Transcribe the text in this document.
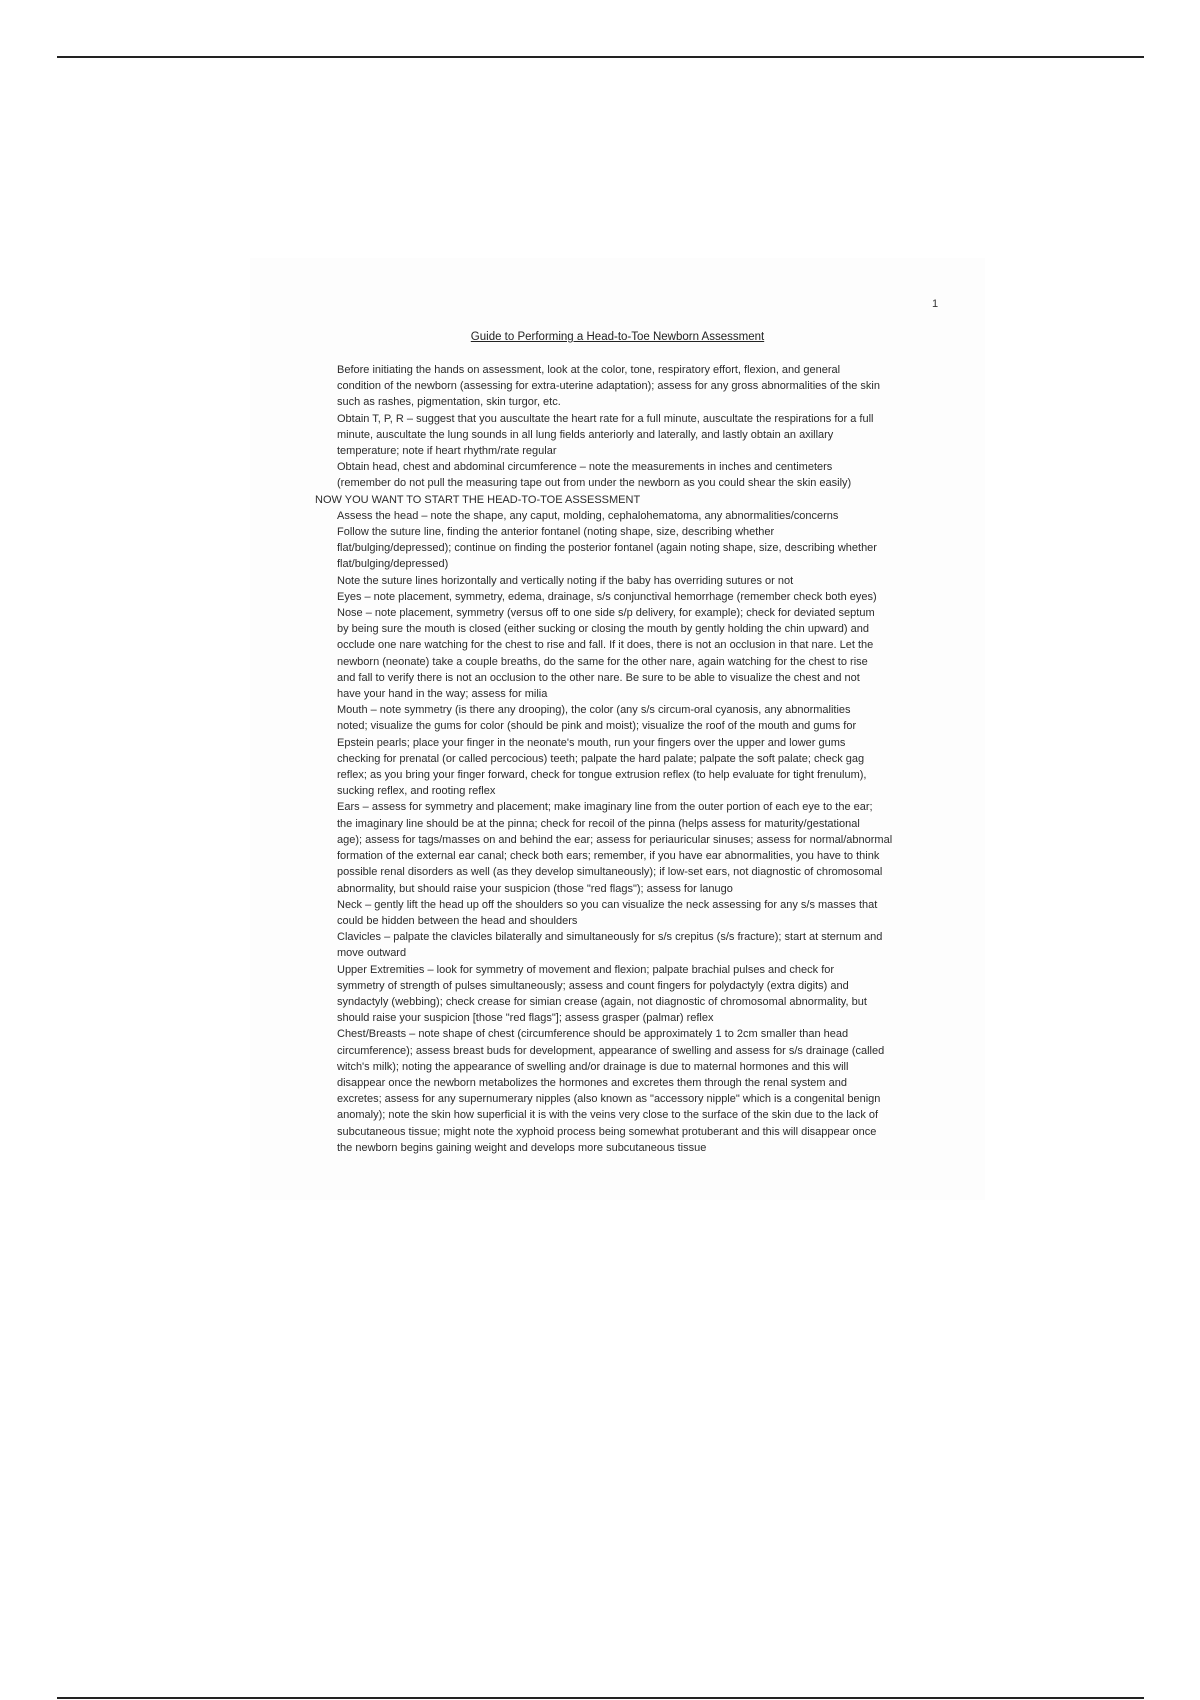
1
Guide to Performing a Head-to-Toe Newborn Assessment
Before initiating the hands on assessment, look at the color, tone, respiratory effort, flexion, and general
condition of the newborn (assessing for extra-uterine adaptation); assess for any gross abnormalities of the skin
such as rashes, pigmentation, skin turgor, etc.
Obtain T, P, R – suggest that you auscultate the heart rate for a full minute, auscultate the respirations for a full
minute, auscultate the lung sounds in all lung fields anteriorly and laterally, and lastly obtain an axillary
temperature; note if heart rhythm/rate regular
Obtain head, chest and abdominal circumference – note the measurements in inches and centimeters
(remember do not pull the measuring tape out from under the newborn as you could shear the skin easily)
NOW YOU WANT TO START THE HEAD-TO-TOE ASSESSMENT
Assess the head – note the shape, any caput, molding, cephalohematoma, any abnormalities/concerns
Follow the suture line, finding the anterior fontanel (noting shape, size, describing whether
flat/bulging/depressed); continue on finding the posterior fontanel (again noting shape, size, describing whether
flat/bulging/depressed)
Note the suture lines horizontally and vertically noting if the baby has overriding sutures or not
Eyes – note placement, symmetry, edema, drainage, s/s conjunctival hemorrhage (remember check both eyes)
Nose – note placement, symmetry (versus off to one side s/p delivery, for example); check for deviated septum
by being sure the mouth is closed (either sucking or closing the mouth by gently holding the chin upward) and
occlude one nare watching for the chest to rise and fall. If it does, there is not an occlusion in that nare. Let the
newborn (neonate) take a couple breaths, do the same for the other nare, again watching for the chest to rise
and fall to verify there is not an occlusion to the other nare. Be sure to be able to visualize the chest and not
have your hand in the way; assess for milia
Mouth – note symmetry (is there any drooping), the color (any s/s circum-oral cyanosis, any abnormalities
noted; visualize the gums for color (should be pink and moist); visualize the roof of the mouth and gums for
Epstein pearls; place your finger in the neonate's mouth, run your fingers over the upper and lower gums
checking for prenatal (or called percocious) teeth; palpate the hard palate; palpate the soft palate; check gag
reflex; as you bring your finger forward, check for tongue extrusion reflex (to help evaluate for tight frenulum),
sucking reflex, and rooting reflex
Ears – assess for symmetry and placement; make imaginary line from the outer portion of each eye to the ear;
the imaginary line should be at the pinna; check for recoil of the pinna (helps assess for maturity/gestational
age); assess for tags/masses on and behind the ear; assess for periauricular sinuses; assess for normal/abnormal
formation of the external ear canal; check both ears; remember, if you have ear abnormalities, you have to think
possible renal disorders as well (as they develop simultaneously); if low-set ears, not diagnostic of chromosomal
abnormality, but should raise your suspicion (those "red flags"); assess for lanugo
Neck – gently lift the head up off the shoulders so you can visualize the neck assessing for any s/s masses that
could be hidden between the head and shoulders
Clavicles – palpate the clavicles bilaterally and simultaneously for s/s crepitus (s/s fracture); start at sternum and
move outward
Upper Extremities – look for symmetry of movement and flexion; palpate brachial pulses and check for
symmetry of strength of pulses simultaneously; assess and count fingers for polydactyly (extra digits) and
syndactyly (webbing); check crease for simian crease (again, not diagnostic of chromosomal abnormality, but
should raise your suspicion [those "red flags"]; assess grasper (palmar) reflex
Chest/Breasts – note shape of chest (circumference should be approximately 1 to 2cm smaller than head
circumference); assess breast buds for development, appearance of swelling and assess for s/s drainage (called
witch's milk); noting the appearance of swelling and/or drainage is due to maternal hormones and this will
disappear once the newborn metabolizes the hormones and excretes them through the renal system and
excretes; assess for any supernumerary nipples (also known as "accessory nipple" which is a congenital benign
anomaly); note the skin how superficial it is with the veins very close to the surface of the skin due to the lack of
subcutaneous tissue; might note the xyphoid process being somewhat protuberant and this will disappear once
the newborn begins gaining weight and develops more subcutaneous tissue
